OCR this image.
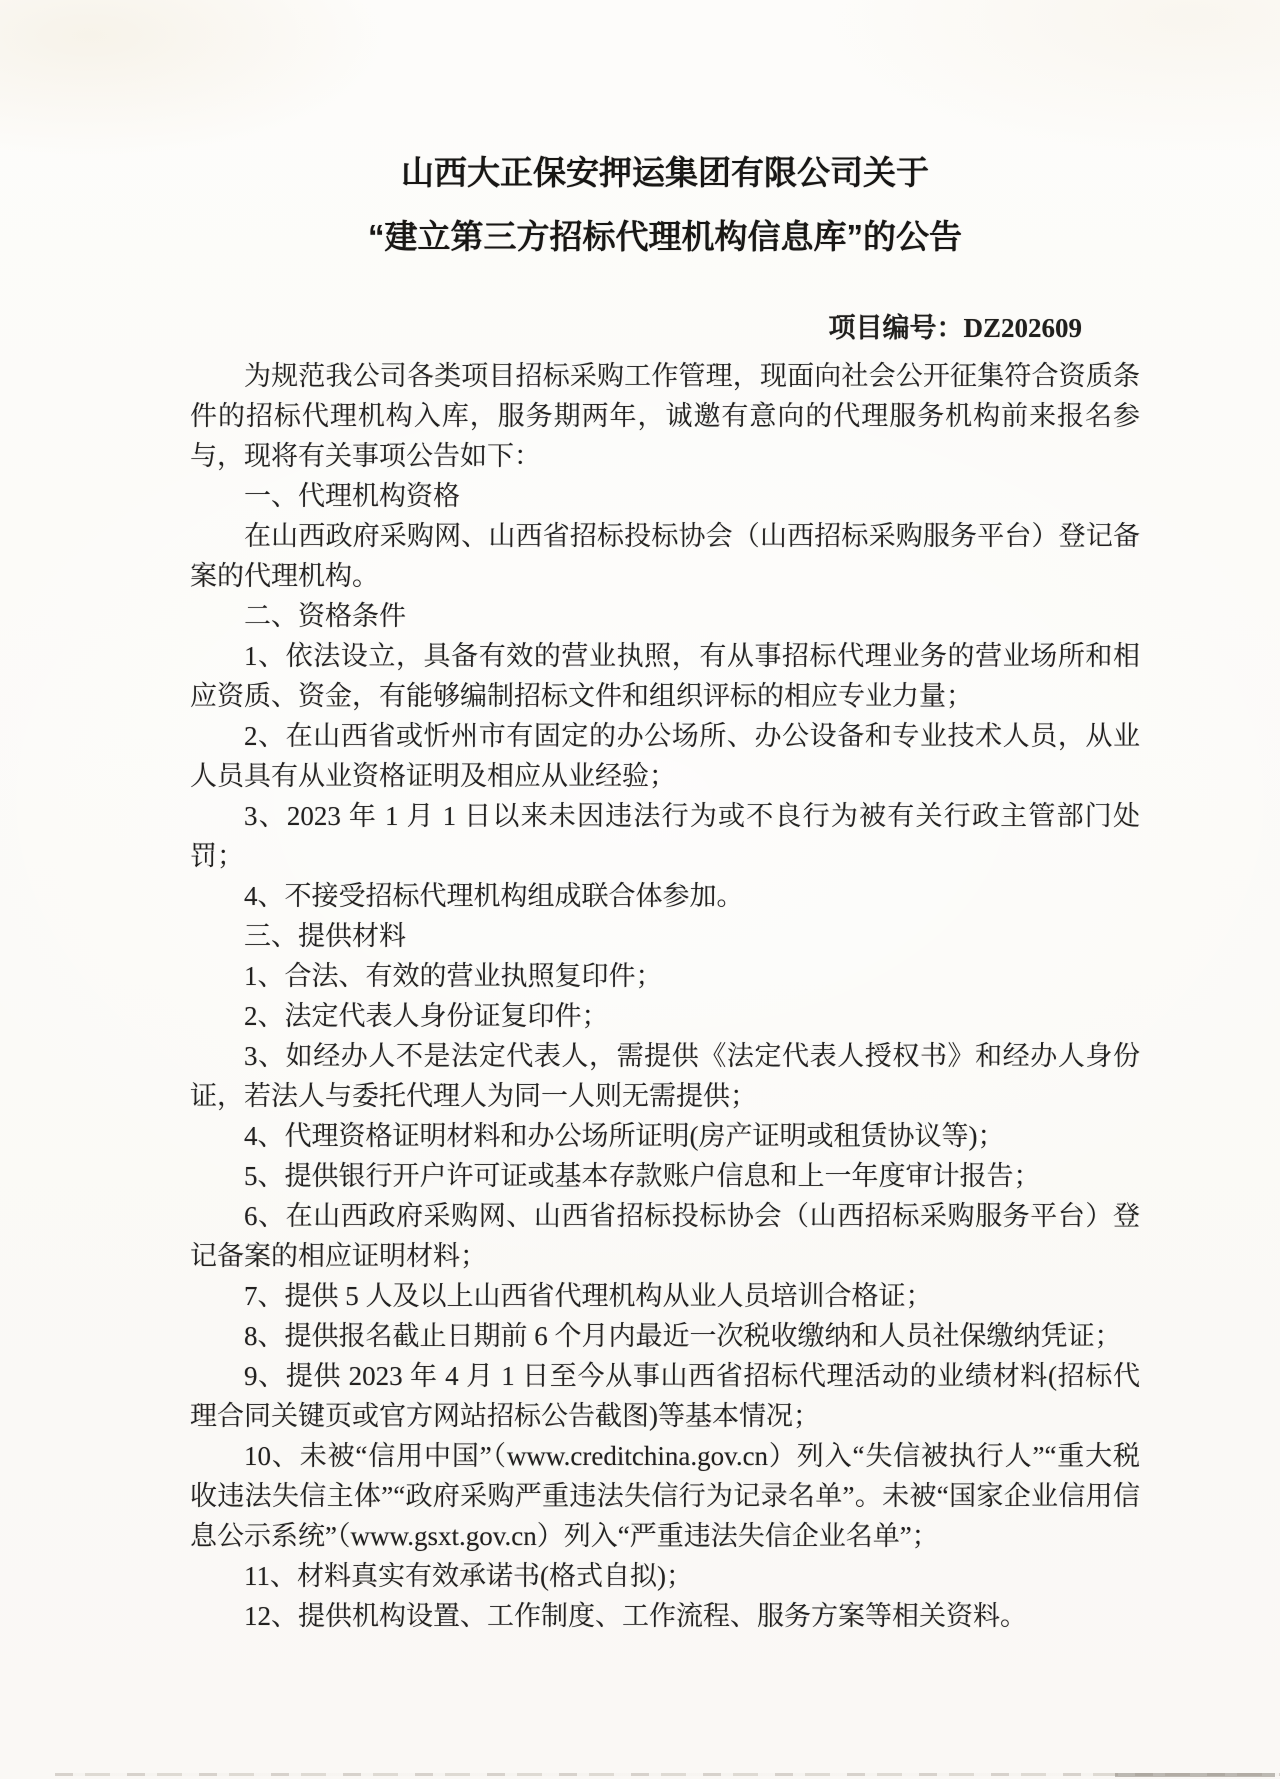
山西大正保安押运集团有限公司关于
“建立第三方招标代理机构信息库”的公告
项目编号：DZ202609

为规范我公司各类项目招标采购工作管理，现面向社会公开征集符合资质条件的招标代理机构入库，服务期两年，诚邀有意向的代理服务机构前来报名参与，现将有关事项公告如下：

一、代理机构资格

在山西政府采购网、山西省招标投标协会（山西招标采购服务平台）登记备案的代理机构。

二、资格条件

1、依法设立，具备有效的营业执照，有从事招标代理业务的营业场所和相应资质、资金，有能够编制招标文件和组织评标的相应专业力量；

2、在山西省或忻州市有固定的办公场所、办公设备和专业技术人员，从业人员具有从业资格证明及相应从业经验；

3、2023 年 1 月 1 日以来未因违法行为或不良行为被有关行政主管部门处罚；

4、不接受招标代理机构组成联合体参加。

三、提供材料

1、合法、有效的营业执照复印件；

2、法定代表人身份证复印件；

3、如经办人不是法定代表人，需提供《法定代表人授权书》和经办人身份证，若法人与委托代理人为同一人则无需提供；

4、代理资格证明材料和办公场所证明(房产证明或租赁协议等)；

5、提供银行开户许可证或基本存款账户信息和上一年度审计报告；

6、在山西政府采购网、山西省招标投标协会（山西招标采购服务平台）登记备案的相应证明材料；

7、提供 5 人及以上山西省代理机构从业人员培训合格证；

8、提供报名截止日期前 6 个月内最近一次税收缴纳和人员社保缴纳凭证；

9、提供 2023 年 4 月 1 日至今从事山西省招标代理活动的业绩材料(招标代理合同关键页或官方网站招标公告截图)等基本情况；

10、未被“信用中国”（www.creditchina.gov.cn）列入“失信被执行人”“重大税收违法失信主体”“政府采购严重违法失信行为记录名单”。未被“国家企业信用信息公示系统”（www.gsxt.gov.cn）列入“严重违法失信企业名单”；

11、材料真实有效承诺书(格式自拟)；

12、提供机构设置、工作制度、工作流程、服务方案等相关资料。
